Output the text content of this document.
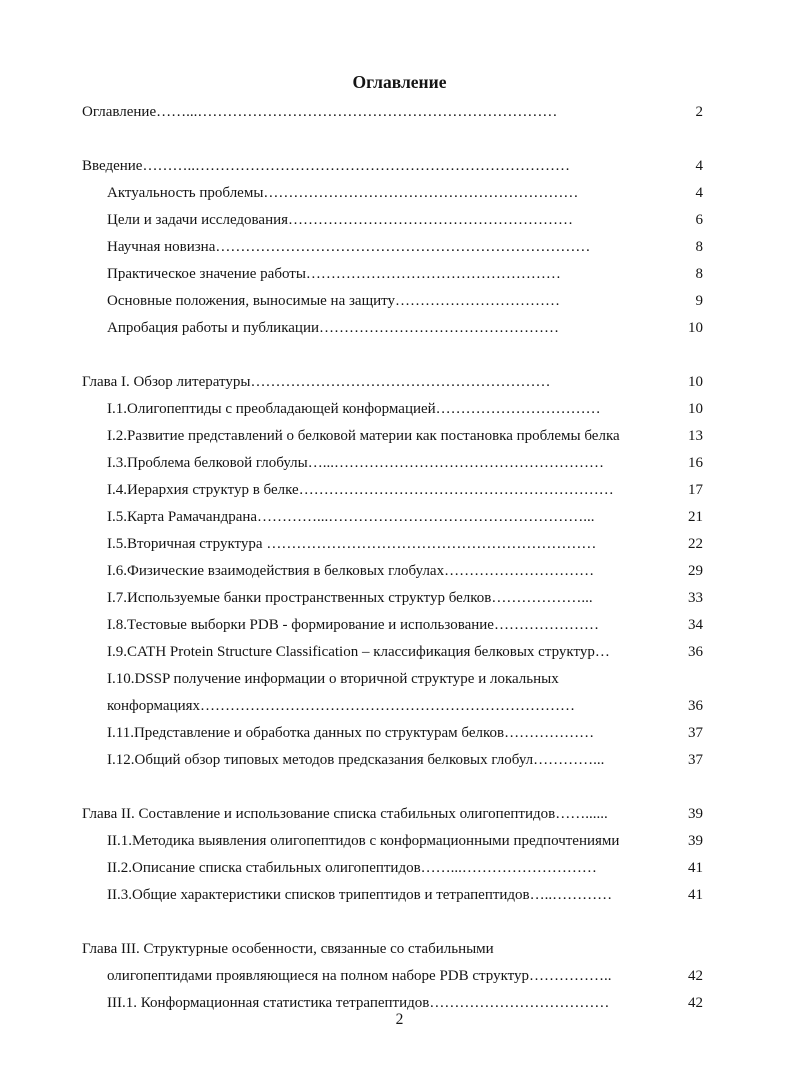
Оглавление
Оглавление……...………………………………………………………………	2
Введение………..…………………………………………………………………	4
Актуальность проблемы………………………………………………………	4
Цели и задачи исследования…………………………………………………	6
Научная новизна…………………………………………………………………	8
Практическое значение работы……………………………………………	8
Основные положения, выносимые на защиту……………………………	9
Апробация работы и публикации…………………………………………	10
Глава I. Обзор литературы……………………………………………………	10
I.1.Олигопептиды с преобладающей конформацией……………………………	10
I.2.Развитие представлений о белковой материи как постановка проблемы белка	13
I.3.Проблема белковой глобулы…...………………………………………………	16
I.4.Иерархия структур в белке………………………………………………………	17
I.5.Карта Рамачандрана…………...……………………………………………...	21
I.5.Вторичная структура …………………………………………………………	22
I.6.Физические взаимодействия в белковых глобулах…………………………	29
I.7.Используемые банки пространственных структур белков………………...	33
I.8.Тестовые выборки PDB - формирование и использование…………………	34
I.9.CATH Protein Structure Classification – классификация белковых структур…	36
I.10.DSSP получение информации о вторичной структуре и локальных
конформациях…………………………………………………………………	36
I.11.Представление и обработка данных по структурам белков………………	37
I.12.Общий обзор типовых методов предсказания белковых глобул…………...	37
Глава II. Составление и использование списка стабильных олигопептидов……......	39
II.1.Методика выявления олигопептидов с конформационными предпочтениями	39
II.2.Описание списка стабильных олигопептидов……...………………………	41
II.3.Общие характеристики списков трипептидов и тетрапептидов…..…………	41
Глава III. Структурные особенности, связанные со стабильными
олигопептидами проявляющиеся на полном наборе PDB структур……………..	42
III.1. Конформационная статистика тетрапептидов………………………………	42
2
